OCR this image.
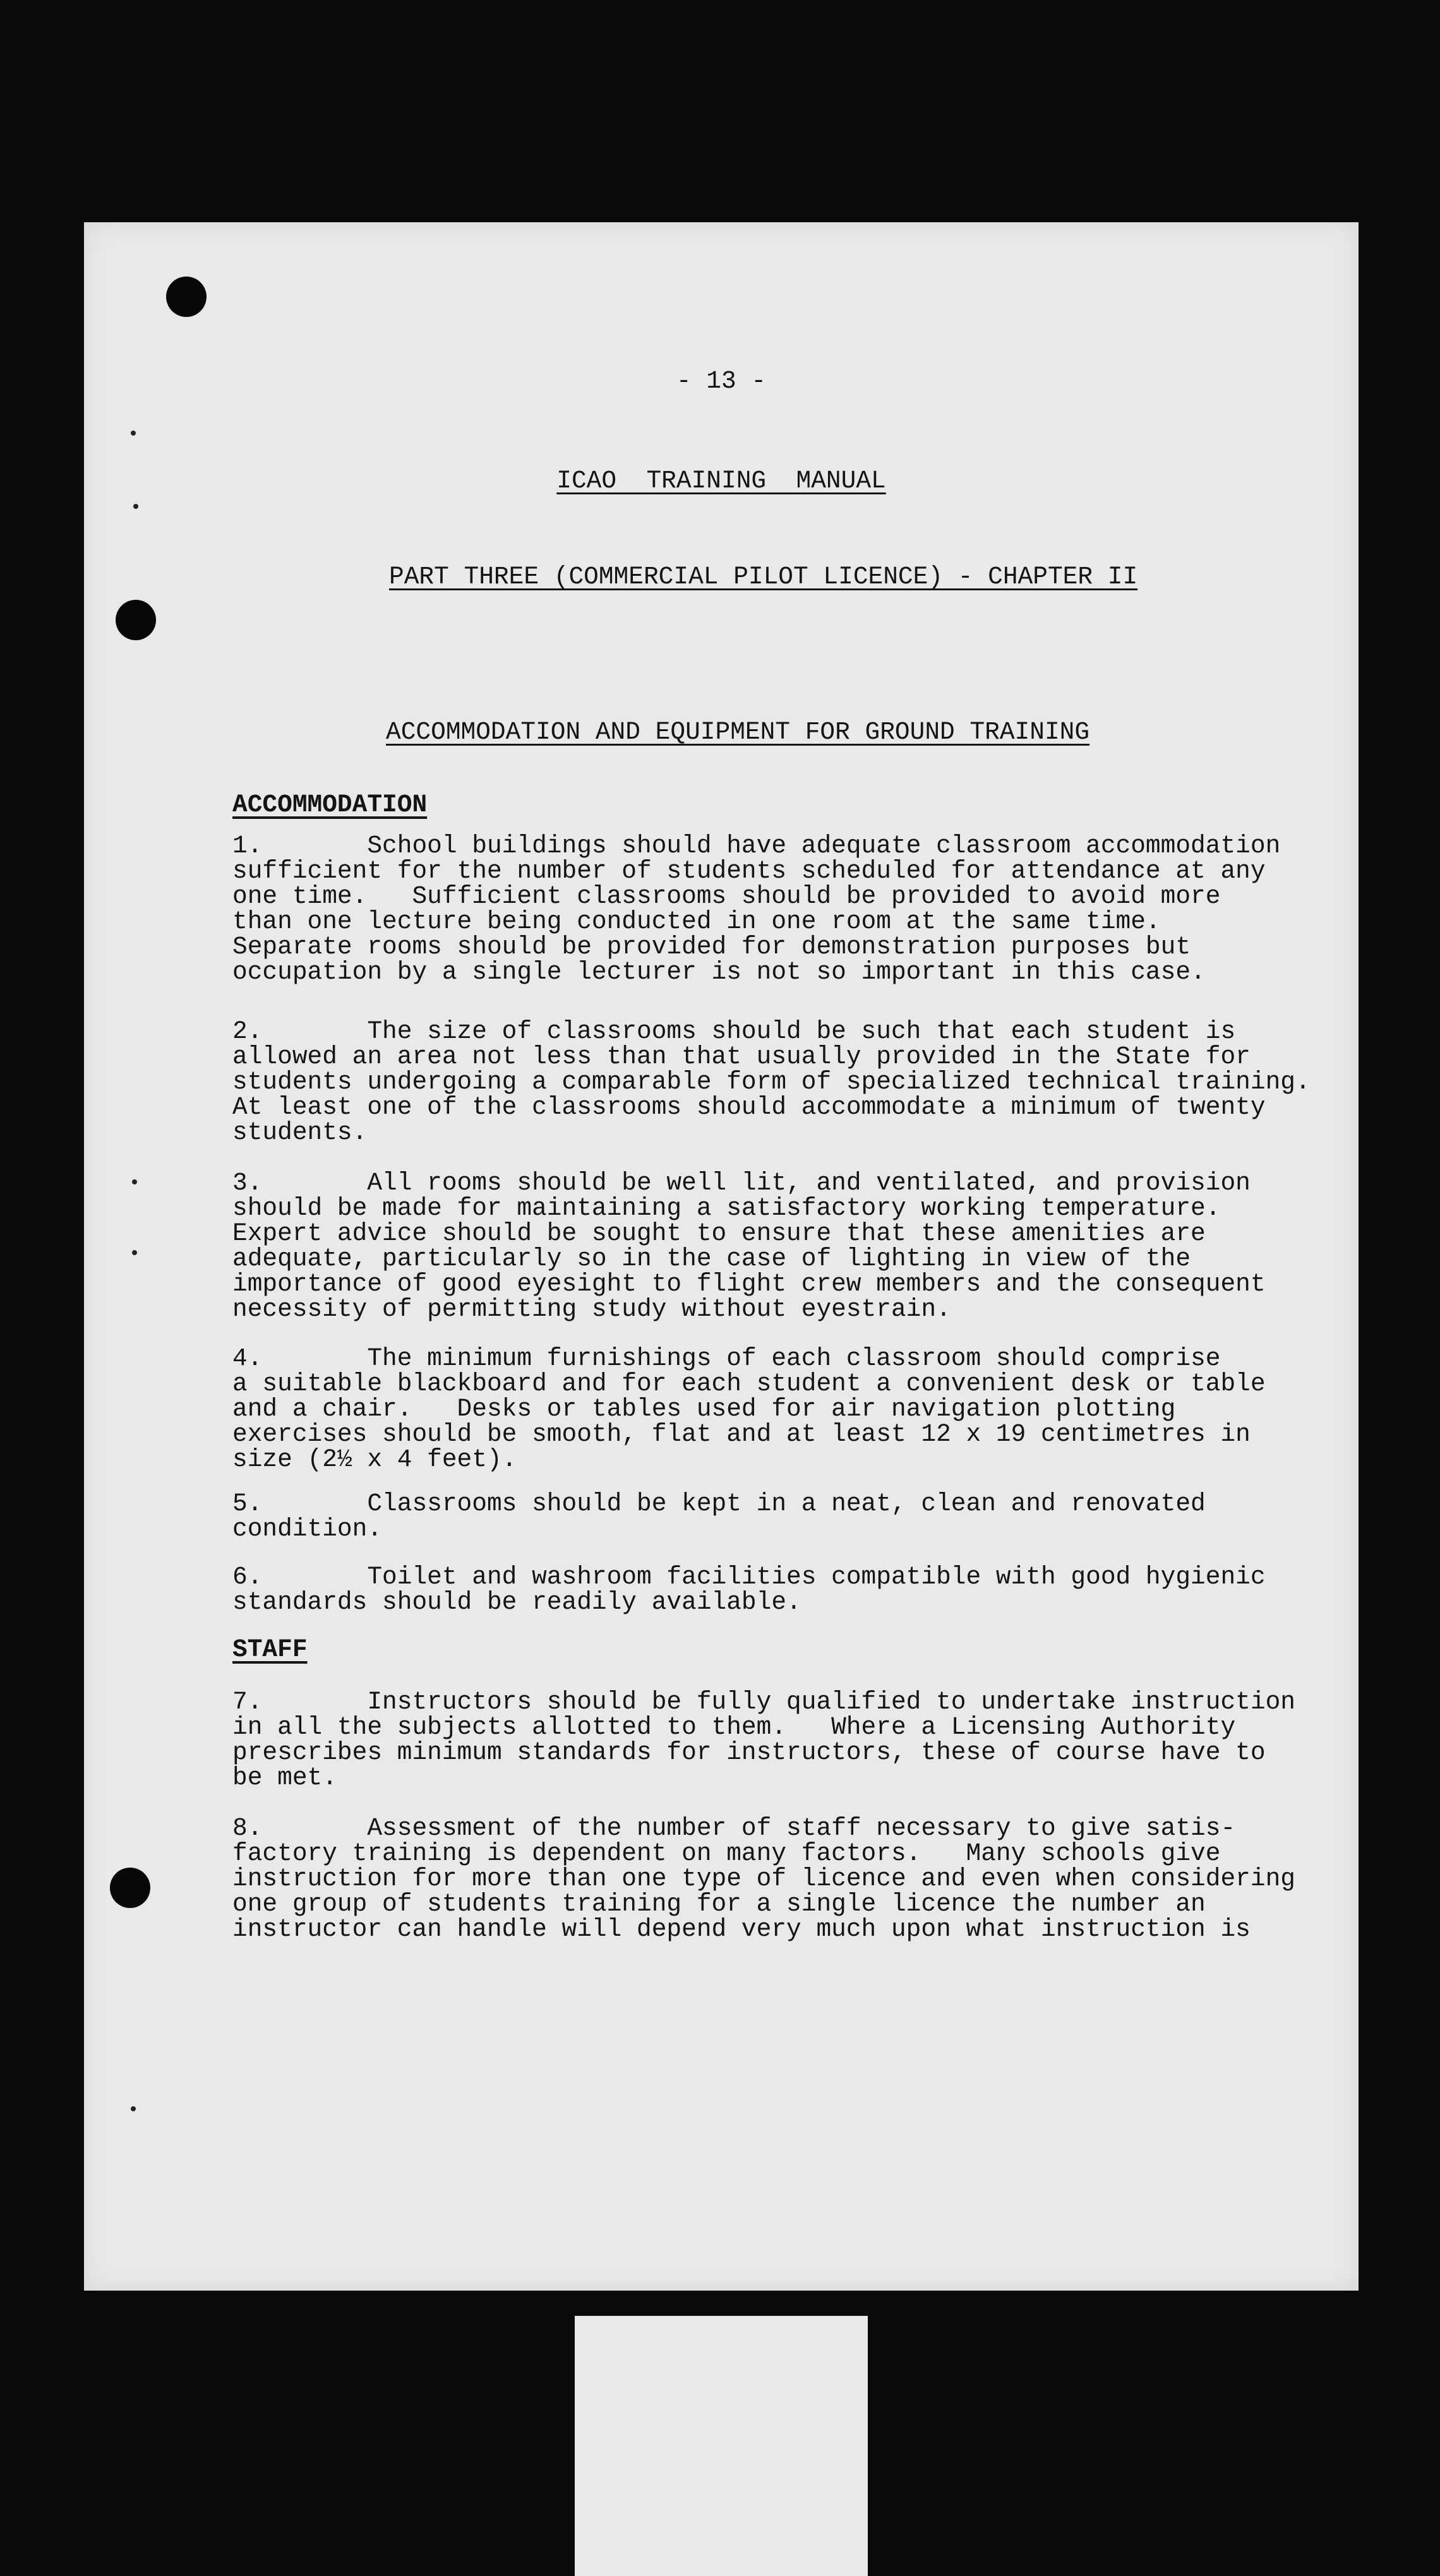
- 13 -
ICAO  TRAINING  MANUAL
PART THREE (COMMERCIAL PILOT LICENCE) - CHAPTER II
ACCOMMODATION AND EQUIPMENT FOR GROUND TRAINING
ACCOMMODATION
1.       School buildings should have adequate classroom accommodation
sufficient for the number of students scheduled for attendance at any
one time.   Sufficient classrooms should be provided to avoid more
than one lecture being conducted in one room at the same time.
Separate rooms should be provided for demonstration purposes but
occupation by a single lecturer is not so important in this case.
2.       The size of classrooms should be such that each student is
allowed an area not less than that usually provided in the State for
students undergoing a comparable form of specialized technical training.
At least one of the classrooms should accommodate a minimum of twenty
students.
3.       All rooms should be well lit, and ventilated, and provision
should be made for maintaining a satisfactory working temperature.
Expert advice should be sought to ensure that these amenities are
adequate, particularly so in the case of lighting in view of the
importance of good eyesight to flight crew members and the consequent
necessity of permitting study without eyestrain.
4.       The minimum furnishings of each classroom should comprise
a suitable blackboard and for each student a convenient desk or table
and a chair.   Desks or tables used for air navigation plotting
exercises should be smooth, flat and at least 12 x 19 centimetres in
size (2½ x 4 feet).
5.       Classrooms should be kept in a neat, clean and renovated
condition.
6.       Toilet and washroom facilities compatible with good hygienic
standards should be readily available.
STAFF
7.       Instructors should be fully qualified to undertake instruction
in all the subjects allotted to them.   Where a Licensing Authority
prescribes minimum standards for instructors, these of course have to
be met.
8.       Assessment of the number of staff necessary to give satis-
factory training is dependent on many factors.   Many schools give
instruction for more than one type of licence and even when considering
one group of students training for a single licence the number an
instructor can handle will depend very much upon what instruction is
